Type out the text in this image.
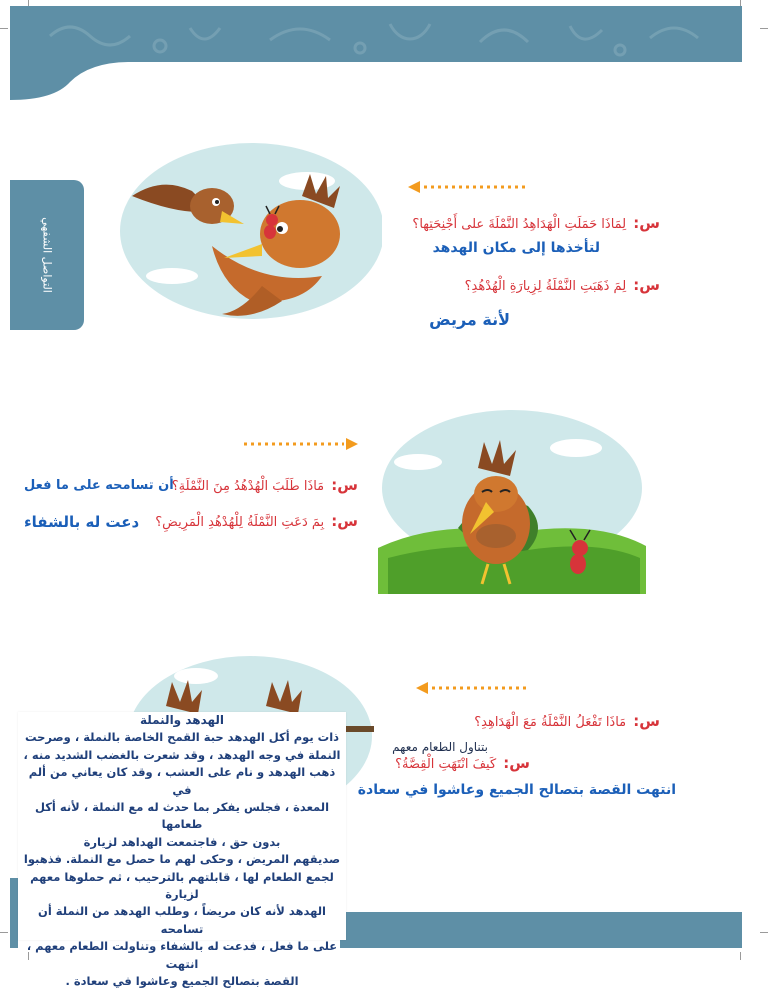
التواصل الشفهي	س: لِمَاذَا حَمَلَتِ الْهَدَاهِدُ النَّمْلَةَ على أَجْنِحَتِها؟
لتأخذها إلى مكان الهدهد
س: لِمَ ذَهَبَتِ النَّمْلَةُ لِزِيارَةِ الْهُدْهُدِ؟
لأنة مريض
س: مَاذَا طَلَبَ الْهُدْهُدُ مِنَ النَّمْلَةِ؟
أن تسامحه على ما فعل
س: بِمَ دَعَتِ النَّمْلَةُ لِلْهُدْهُدِ الْمَرِيضِ؟
دعت له بالشفاء
س: مَاذَا تَفْعَلُ النَّمْلَةُ مَعَ الْهَدَاهِدِ؟
بتناول الطعام معهم
س: كَيفَ انْتَهَتِ الْقِصَّةُ؟
انتهت القصة بتصالح الجميع وعاشوا في سعادة
الهدهد والنملة
ذات يوم أكل الهدهد حبة القمح الخاصة بالنملة ، وصرحت
النملة في وجه الهدهد ، وقد شعرت بالغضب الشديد منه ،
ذهب الهدهد و نام على العشب ، وقد كان يعاني من ألم في
المعدة ، فجلس يفكر بما حدث له مع النملة ، لأنه أكل طعامها
بدون حق ، فاجتمعت الهداهد لزيارة
صديقهم المريض ، وحكى لهم ما حصل مع النملة. فذهبوا
لجمع الطعام لها ، قابلتهم بالترحيب ، ثم حملوها معهم لزيارة
الهدهد لأنه كان مريضاً ، وطلب الهدهد من النملة أن تسامحه
على ما فعل ، فدعت له بالشفاء وتناولت الطعام معهم ، انتهت
القصة بتصالح الجميع وعاشوا في سعادة .
